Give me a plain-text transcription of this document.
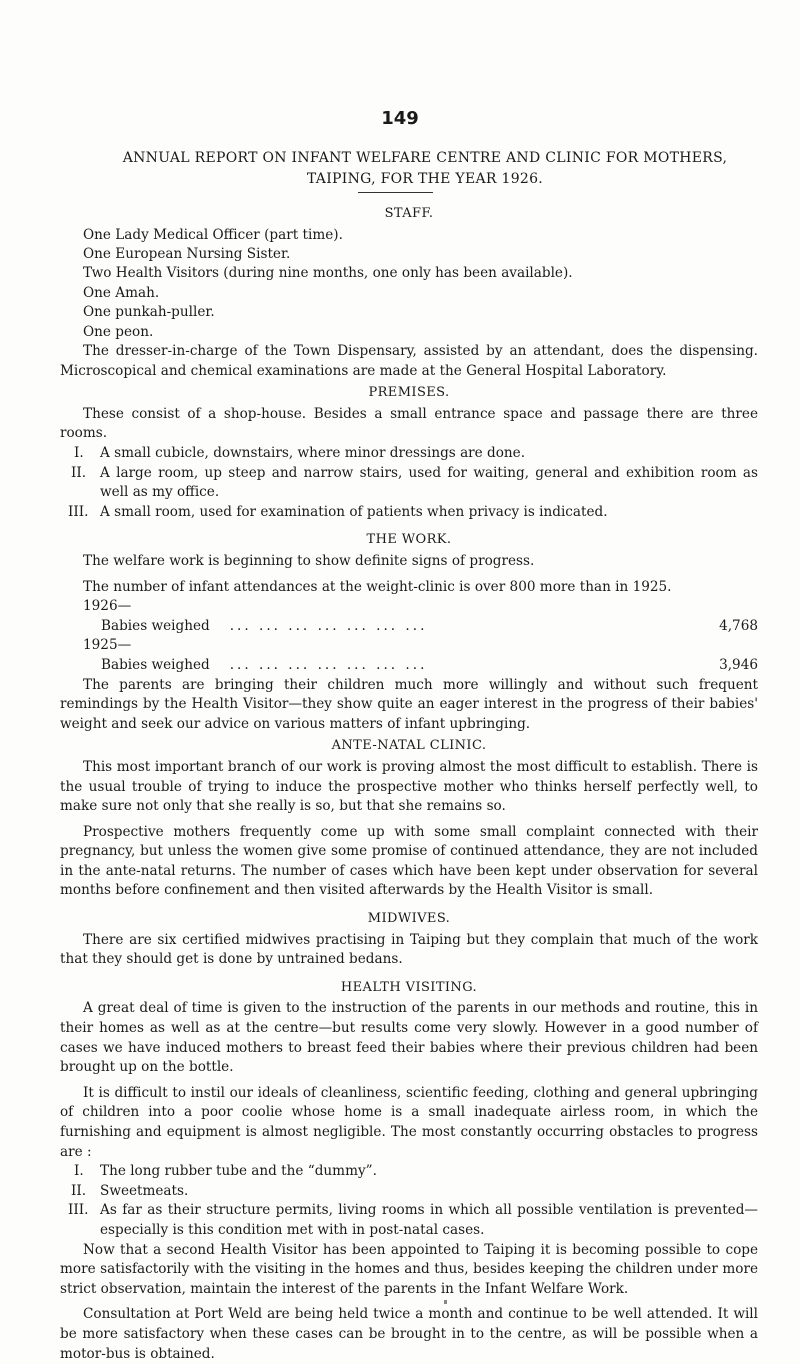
149
ANNUAL REPORT ON INFANT WELFARE CENTRE AND CLINIC FOR MOTHERS, TAIPING, FOR THE YEAR 1926.
STAFF.
One Lady Medical Officer (part time).
One European Nursing Sister.
Two Health Visitors (during nine months, one only has been available).
One Amah.
One punkah-puller.
One peon.
The dresser-in-charge of the Town Dispensary, assisted by an attendant, does the dispensing. Microscopical and chemical examinations are made at the General Hospital Laboratory.
PREMISES.
These consist of a shop-house. Besides a small entrance space and passage there are three rooms.
I.	A small cubicle, downstairs, where minor dressings are done.
II.	A large room, up steep and narrow stairs, used for waiting, general and exhibition room as well as my office.
III. A small room, used for examination of patients when privacy is indicated.
THE WORK.
The welfare work is beginning to show definite signs of progress.
The number of infant attendances at the weight-clinic is over 800 more than in 1925.
1926—
Babies weighed	... ... ... ... ... ... ...	4,768
1925—
Babies weighed	... ... ... ... ... ... ...	3,946
The parents are bringing their children much more willingly and without such frequent remindings by the Health Visitor—they show quite an eager interest in the progress of their babies' weight and seek our advice on various matters of infant upbringing.
ANTE-NATAL CLINIC.
This most important branch of our work is proving almost the most difficult to establish. There is the usual trouble of trying to induce the prospective mother who thinks herself perfectly well, to make sure not only that she really is so, but that she remains so.
Prospective mothers frequently come up with some small complaint connected with their pregnancy, but unless the women give some promise of continued attendance, they are not included in the ante-natal returns. The number of cases which have been kept under observation for several months before confinement and then visited afterwards by the Health Visitor is small.
MIDWIVES.
There are six certified midwives practising in Taiping but they complain that much of the work that they should get is done by untrained bedans.
HEALTH VISITING.
A great deal of time is given to the instruction of the parents in our methods and routine, this in their homes as well as at the centre—but results come very slowly. However in a good number of cases we have induced mothers to breast feed their babies where their previous children had been brought up on the bottle.
It is difficult to instil our ideals of cleanliness, scientific feeding, clothing and general upbringing of children into a poor coolie whose home is a small inadequate airless room, in which the furnishing and equipment is almost negligible. The most constantly occurring obstacles to progress are :
I.	The long rubber tube and the “dummy”.
II.	Sweetmeats.
III. As far as their structure permits, living rooms in which all possible ventilation is prevented—especially is this condition met with in post-natal cases.
Now that a second Health Visitor has been appointed to Taiping it is becoming possible to cope more satisfactorily with the visiting in the homes and thus, besides keeping the children under more strict observation, maintain the interest of the parents in the Infant Welfare Work.
Consultation at Port Weld are being held twice a month and continue to be well attended. It will be more satisfactory when these cases can be brought in to the centre, as will be possible when a motor-bus is obtained.
